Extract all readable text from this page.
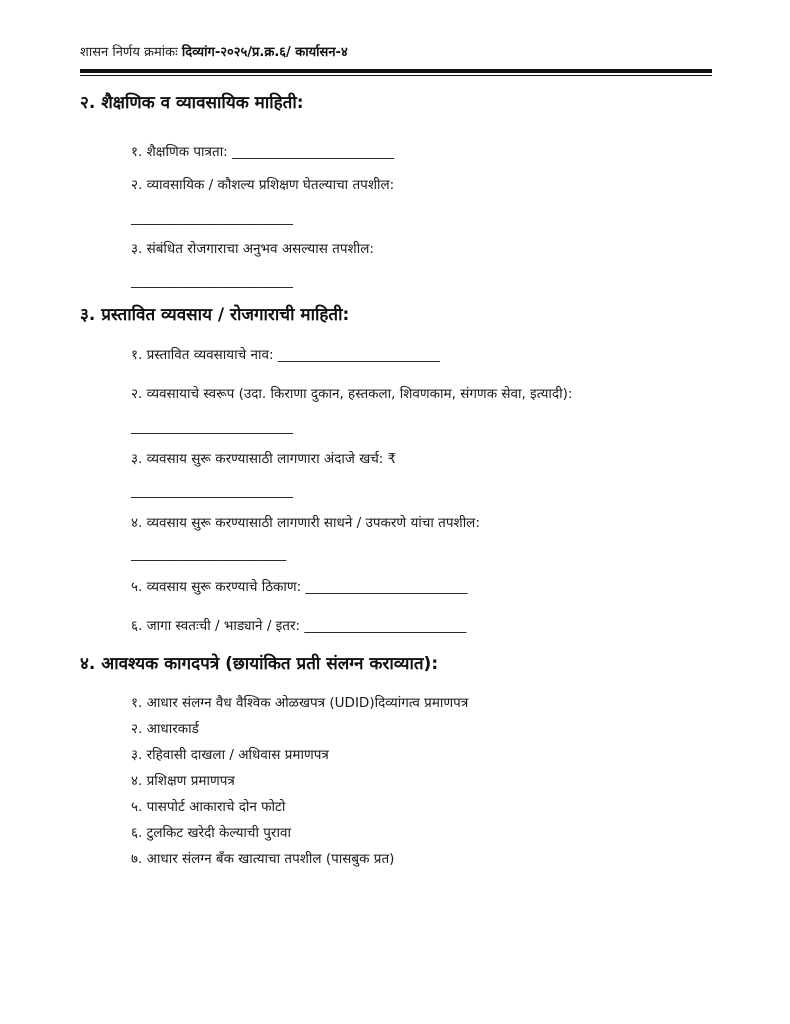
शासन निर्णय क्रमांकः दिव्यांग-२०२५/प्र.क्र.६/ कार्यासन-४
२. शैक्षणिक व व्यावसायिक माहिती:
१. शैक्षणिक पात्रता: ________________________
२. व्यावसायिक / कौशल्य प्रशिक्षण घेतल्याचा तपशील:
________________________
३. संबंधित रोजगाराचा अनुभव असल्यास तपशील:
________________________
३. प्रस्तावित व्यवसाय / रोजगाराची माहिती:
१. प्रस्तावित व्यवसायाचे नाव: ________________________
२. व्यवसायाचे स्वरूप (उदा. किराणा दुकान, हस्तकला, शिवणकाम, संगणक सेवा, इत्यादी):
________________________
३. व्यवसाय सुरू करण्यासाठी लागणारा अंदाजे खर्च: ₹
________________________
४. व्यवसाय सुरू करण्यासाठी लागणारी साधने / उपकरणे यांचा तपशील:
_______________________
५. व्यवसाय सुरू करण्याचे ठिकाण: ________________________
६. जागा स्वतःची / भाड्याने / इतर: ________________________
४. आवश्यक कागदपत्रे (छायांकित प्रती संलग्न कराव्यात):
१. आधार संलग्न वैध वैश्विक ओळखपत्र (UDID)दिव्यांगत्व प्रमाणपत्र
२. आधारकार्ड
३. रहिवासी दाखला / अधिवास प्रमाणपत्र
४. प्रशिक्षण प्रमाणपत्र
५. पासपोर्ट आकाराचे दोन फोटो
६. टुलकिट खरेदी केल्याची पुरावा
७. आधार संलग्न बँक खात्याचा तपशील (पासबुक प्रत)
